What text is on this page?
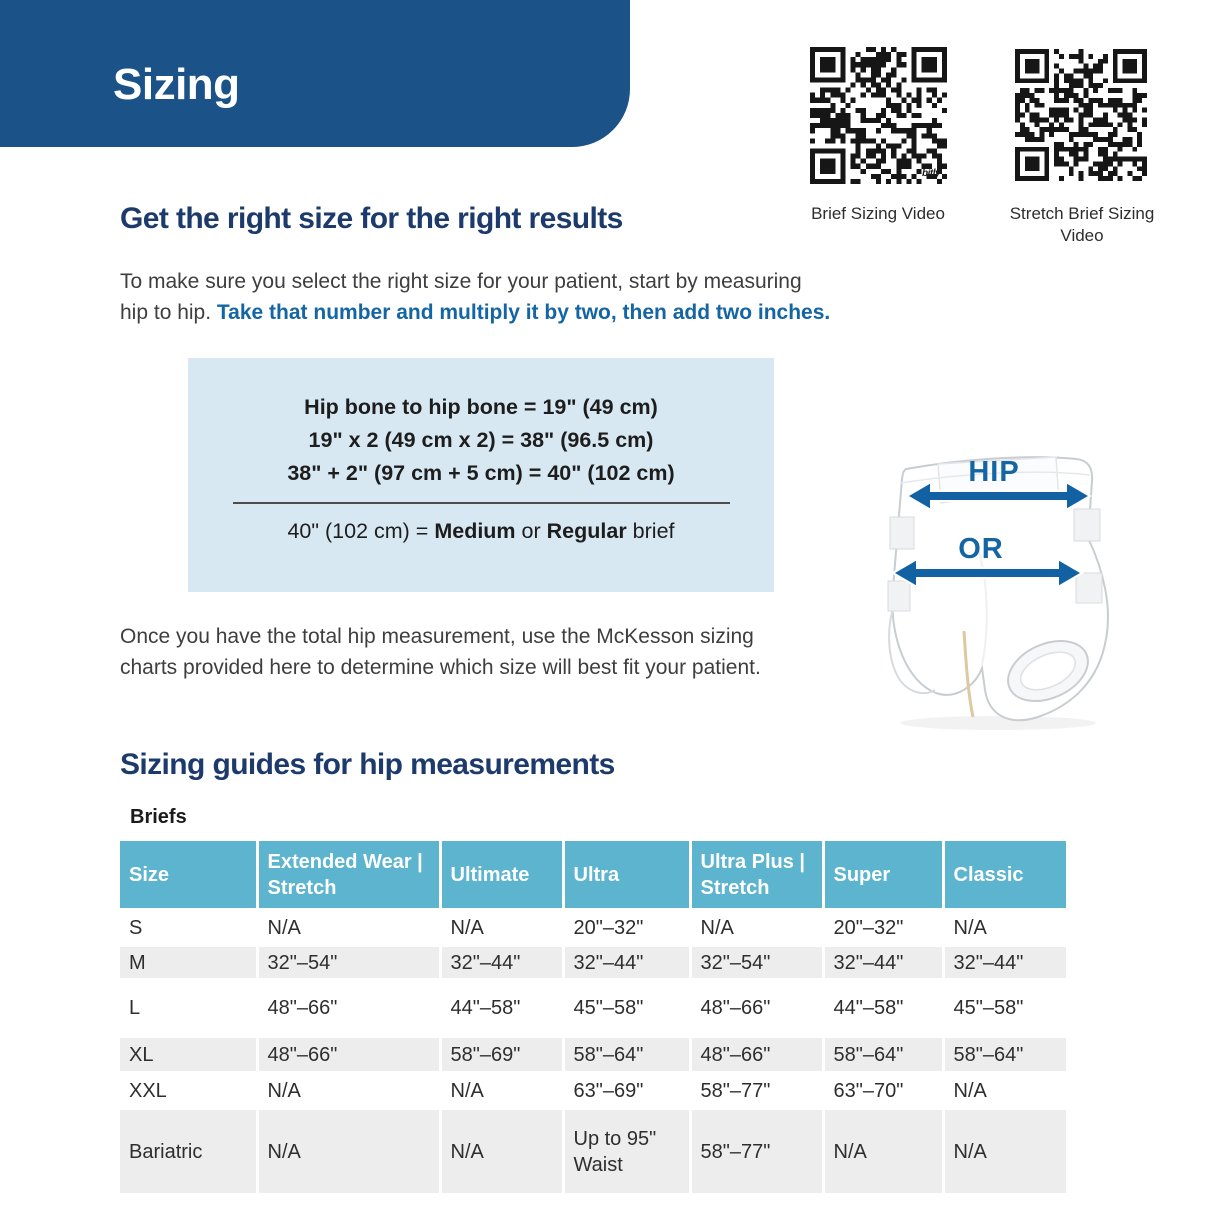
Sizing
bitly
Brief Sizing Video	Stretch Brief Sizing Video
Get the right size for the right results
To make sure you select the right size for your patient, start by measuring
hip to hip. Take that number and multiply it by two, then add two inches.
Hip bone to hip bone = 19" (49 cm)
19" x 2 (49 cm x 2) = 38" (96.5 cm)
38" + 2" (97 cm + 5 cm) = 40" (102 cm)
40" (102 cm) = Medium or Regular brief
HIP
OR
Once you have the total hip measurement, use the McKesson sizing
charts provided here to determine which size will best fit your patient.
Sizing guides for hip measurements
Briefs
Size	Extended Wear | Stretch	Ultimate	Ultra	Ultra Plus | Stretch	Super	Classic
S	N/A	N/A	20"–32"	N/A	20"–32"	N/A
M	32"–54"	32"–44"	32"–44"	32"–54"	32"–44"	32"–44"
L	48"–66"	44"–58"	45"–58"	48"–66"	44"–58"	45"–58"
XL	48"–66"	58"–69"	58"–64"	48"–66"	58"–64"	58"–64"
XXL	N/A	N/A	63"–69"	58"–77"	63"–70"	N/A
Bariatric	N/A	N/A	Up to 95" Waist	58"–77"	N/A	N/A
